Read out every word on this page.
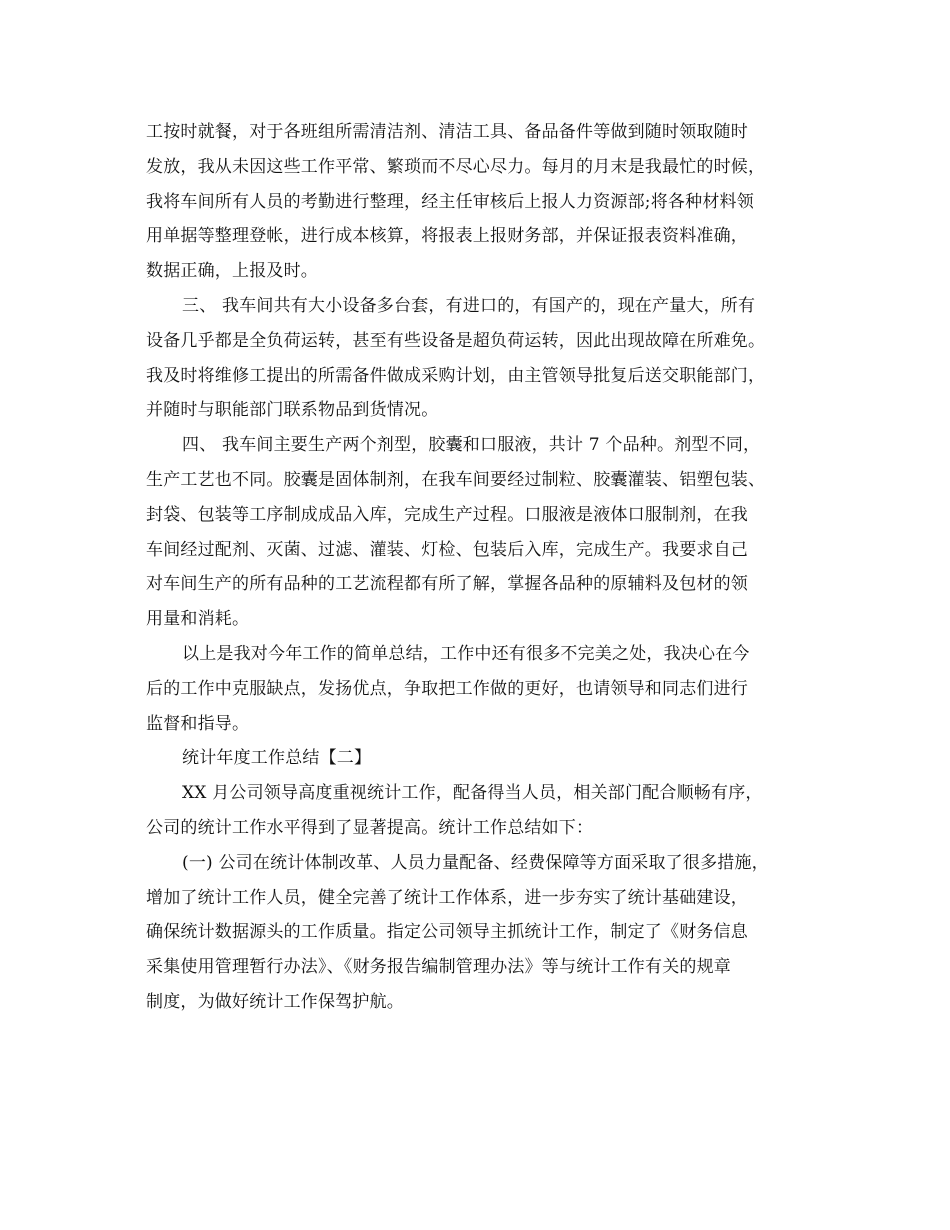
工按时就餐，对于各班组所需清洁剂、清洁工具、备品备件等做到随时领取随时
发放，我从未因这些工作平常、繁琐而不尽心尽力。每月的月末是我最忙的时候，
我将车间所有人员的考勤进行整理，经主任审核后上报人力资源部;将各种材料领
用单据等整理登帐，进行成本核算，将报表上报财务部，并保证报表资料准确，
数据正确，上报及时。
三、 我车间共有大小设备多台套，有进口的，有国产的，现在产量大，所有
设备几乎都是全负荷运转，甚至有些设备是超负荷运转，因此出现故障在所难免。
我及时将维修工提出的所需备件做成采购计划，由主管领导批复后送交职能部门，
并随时与职能部门联系物品到货情况。
四、 我车间主要生产两个剂型，胶囊和口服液，共计 7 个品种。剂型不同，
生产工艺也不同。胶囊是固体制剂，在我车间要经过制粒、胶囊灌装、铝塑包装、
封袋、包装等工序制成成品入库，完成生产过程。口服液是液体口服制剂，在我
车间经过配剂、灭菌、过滤、灌装、灯检、包装后入库，完成生产。我要求自己
对车间生产的所有品种的工艺流程都有所了解，掌握各品种的原辅料及包材的领
用量和消耗。
以上是我对今年工作的简单总结，工作中还有很多不完美之处，我决心在今
后的工作中克服缺点，发扬优点，争取把工作做的更好，也请领导和同志们进行
监督和指导。
统计年度工作总结【二】
XX 月公司领导高度重视统计工作，配备得当人员，相关部门配合顺畅有序，
公司的统计工作水平得到了显著提高。统计工作总结如下：
(一) 公司在统计体制改革、人员力量配备、经费保障等方面采取了很多措施，
增加了统计工作人员，健全完善了统计工作体系，进一步夯实了统计基础建设，
确保统计数据源头的工作质量。指定公司领导主抓统计工作，制定了《财务信息
采集使用管理暂行办法》、《财务报告编制管理办法》等与统计工作有关的规章
制度，为做好统计工作保驾护航。
